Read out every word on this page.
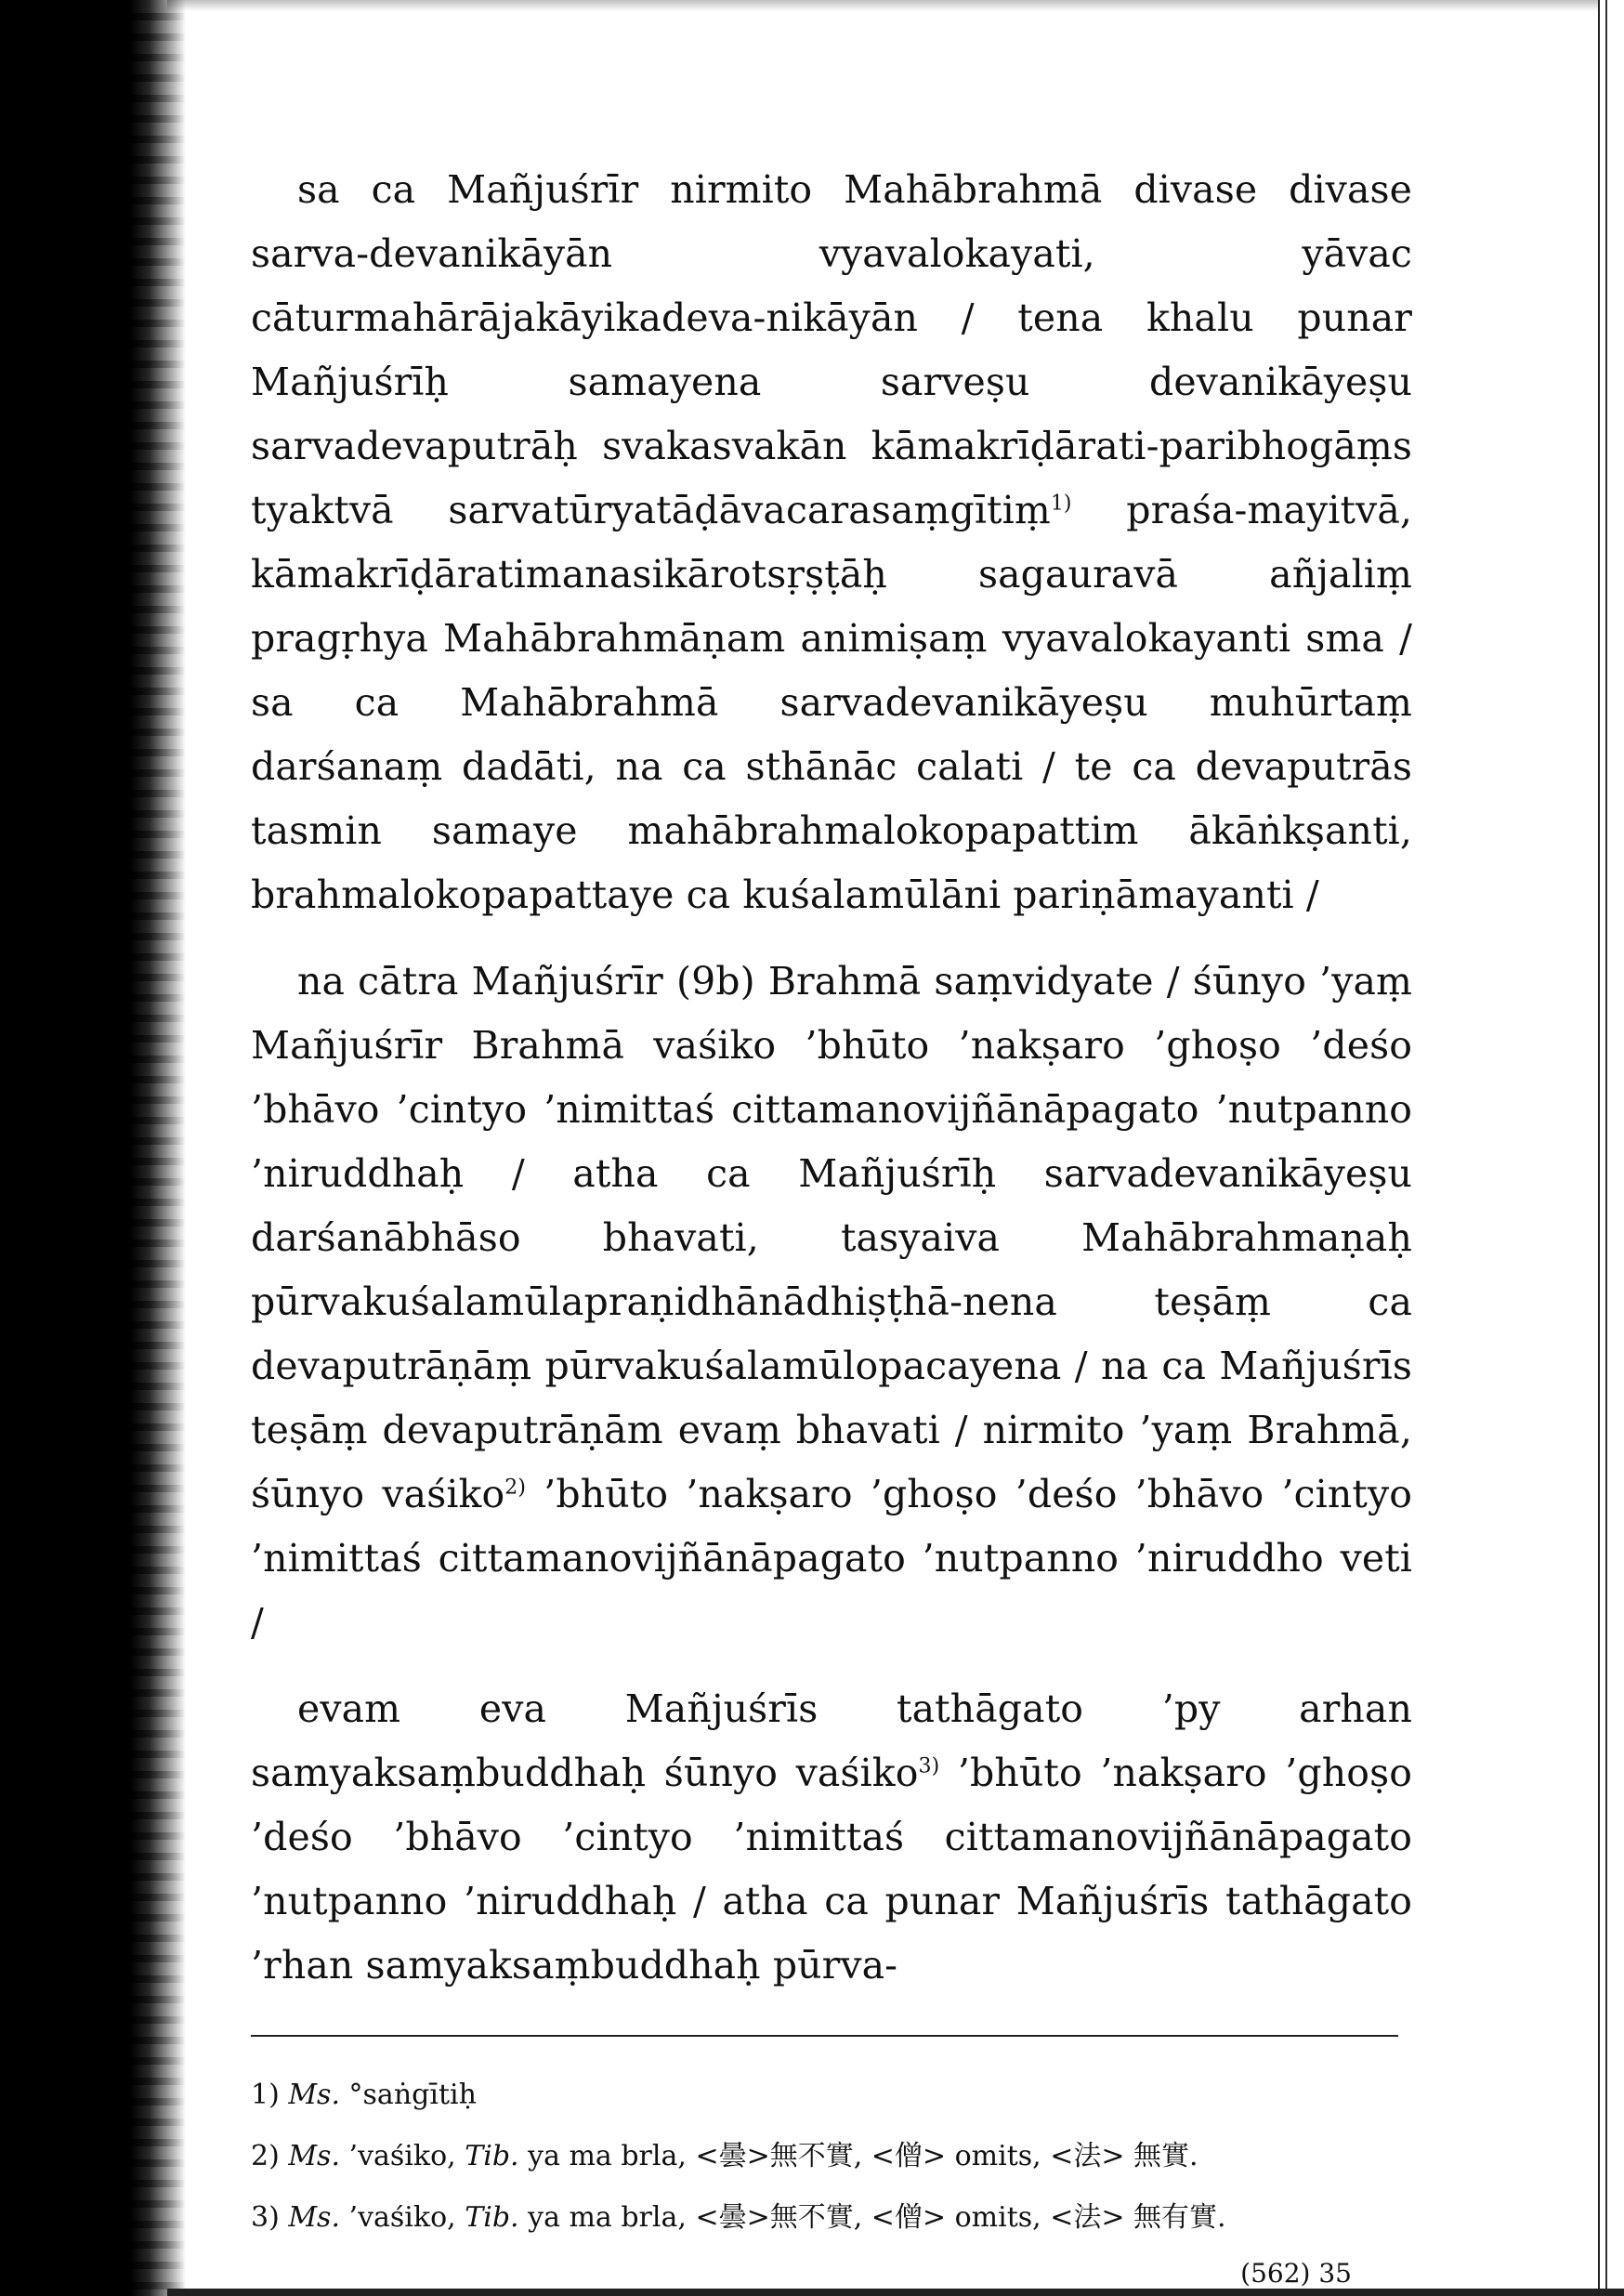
sa ca Mañjuśrīr nirmito Mahābrahmā divase divase sarva-devanikāyān vyavalokayati, yāvac cāturmahārājakāyikadeva-nikāyān / tena khalu punar Mañjuśrīḥ samayena sarveṣu devanikāyeṣu sarvadevaputrāḥ svakasvakān kāmakrīḍārati-paribhogāṃs tyaktvā sarvatūryatāḍāvacarasaṃgītiṃ$^{1)}$ praśa-mayitvā, kāmakrīḍāratimanasikārotsṛṣṭāḥ sagauravā añjaliṃ pragṛhya Mahābrahmāṇam animiṣaṃ vyavalokayanti sma / sa ca Mahābrahmā sarvadevanikāyeṣu muhūrtaṃ darśanaṃ dadāti, na ca sthānāc calati / te ca devaputrās tasmin samaye mahābrahmalokopapattim ākāṅkṣanti, brahmalokopapattaye ca kuśalamūlāni pariṇāmayanti /

na cātra Mañjuśrīr (9b) Brahmā saṃvidyate / śūnyo ’yaṃ Mañjuśrīr Brahmā vaśiko ’bhūto ’nakṣaro ’ghoṣo ’deśo ’bhāvo ’cintyo ’nimittaś cittamanovijñānāpagato ’nutpanno ’niruddhaḥ / atha ca Mañjuśrīḥ sarvadevanikāyeṣu darśanābhāso bhavati, tasyaiva Mahābrahmaṇaḥ pūrvakuśalamūlapraṇidhānādhiṣṭhā-nena teṣāṃ ca devaputrāṇāṃ pūrvakuśalamūlopacayena / na ca Mañjuśrīs teṣāṃ devaputrāṇām evaṃ bhavati / nirmito ’yaṃ Brahmā, śūnyo vaśiko$^{2)}$ ’bhūto ’nakṣaro ’ghoṣo ’deśo ’bhāvo ’cintyo ’nimittaś cittamanovijñānāpagato ’nutpanno ’niruddho veti /

evam eva Mañjuśrīs tathāgato ’py arhan samyaksaṃbuddhaḥ śūnyo vaśiko$^{3)}$ ’bhūto ’nakṣaro ’ghoṣo ’deśo ’bhāvo ’cintyo ’nimittaś cittamanovijñānāpagato ’nutpanno ’niruddhaḥ / atha ca punar Mañjuśrīs tathāgato ’rhan samyaksaṃbuddhaḥ pūrva-

1) Ms. °saṅgītiḥ

2) Ms. ’vaśiko, Tib. ya ma brla, <曇>無不實, <僧> omits, <法> 無實.

3) Ms. ’vaśiko, Tib. ya ma brla, <曇>無不實, <僧> omits, <法> 無有實.

(562) 35
